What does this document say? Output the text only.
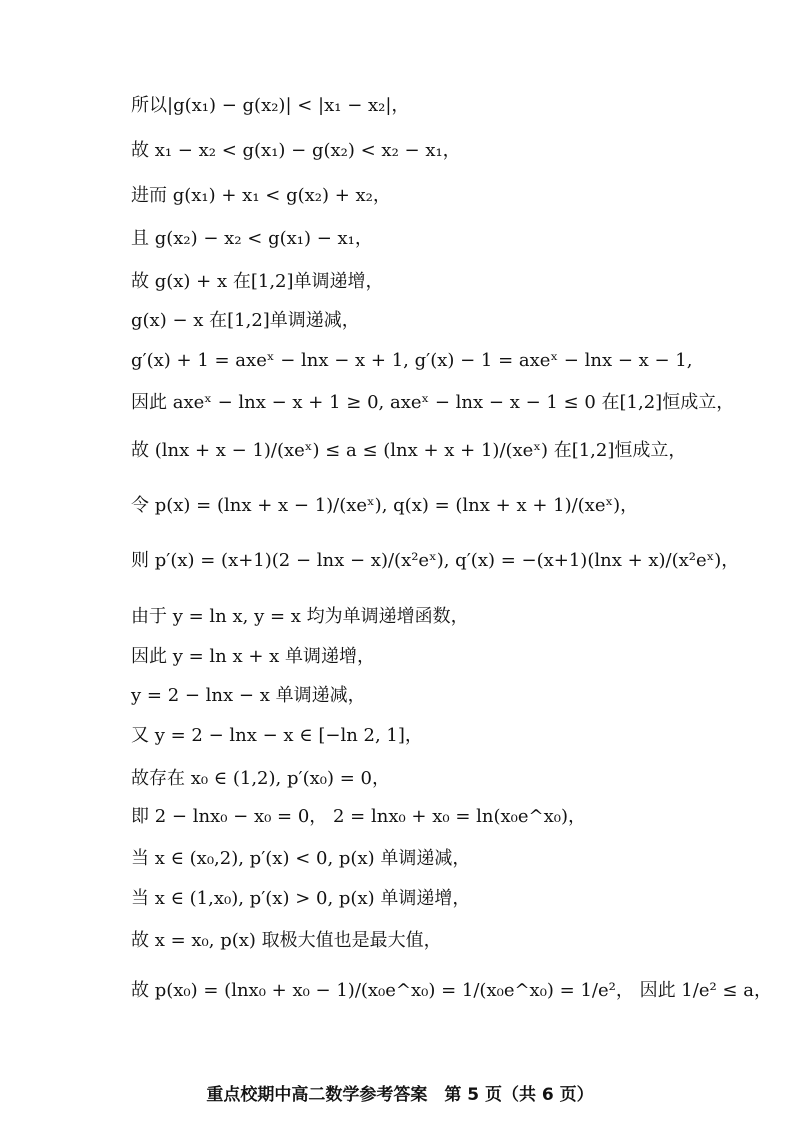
所以|g(x₁) − g(x₂)| < |x₁ − x₂|，
故 x₁ − x₂ < g(x₁) − g(x₂) < x₂ − x₁，
进而 g(x₁) + x₁ < g(x₂) + x₂，
且 g(x₂) − x₂ < g(x₁) − x₁，
故 g(x) + x 在[1,2]单调递增，
g(x) − x 在[1,2]单调递减，
g′(x) + 1 = axeˣ − lnx − x + 1, g′(x) − 1 = axeˣ − lnx − x − 1,
因此 axeˣ − lnx − x + 1 ≥ 0, axeˣ − lnx − x − 1 ≤ 0 在[1,2]恒成立，
故 (lnx + x − 1)/(xeˣ) ≤ a ≤ (lnx + x + 1)/(xeˣ) 在[1,2]恒成立，
令 p(x) = (lnx + x − 1)/(xeˣ), q(x) = (lnx + x + 1)/(xeˣ)，
则 p′(x) = (x+1)(2 − lnx − x)/(x²eˣ), q′(x) = −(x+1)(lnx + x)/(x²eˣ)，
由于 y = ln x, y = x 均为单调递增函数，
因此 y = ln x + x 单调递增，
y = 2 − lnx − x 单调递减，
又 y = 2 − lnx − x ∈ [−ln 2, 1]，
故存在 x₀ ∈ (1,2), p′(x₀) = 0，
即 2 − lnx₀ − x₀ = 0， 2 = lnx₀ + x₀ = ln(x₀e^x₀)，
当 x ∈ (x₀,2), p′(x) < 0, p(x) 单调递减，
当 x ∈ (1,x₀), p′(x) > 0, p(x) 单调递增，
故 x = x₀, p(x) 取极大值也是最大值，
故 p(x₀) = (lnx₀ + x₀ − 1)/(x₀e^x₀) = 1/(x₀e^x₀) = 1/e²， 因此 1/e² ≤ a，
重点校期中高二数学参考答案　第 5 页（共 6 页）
